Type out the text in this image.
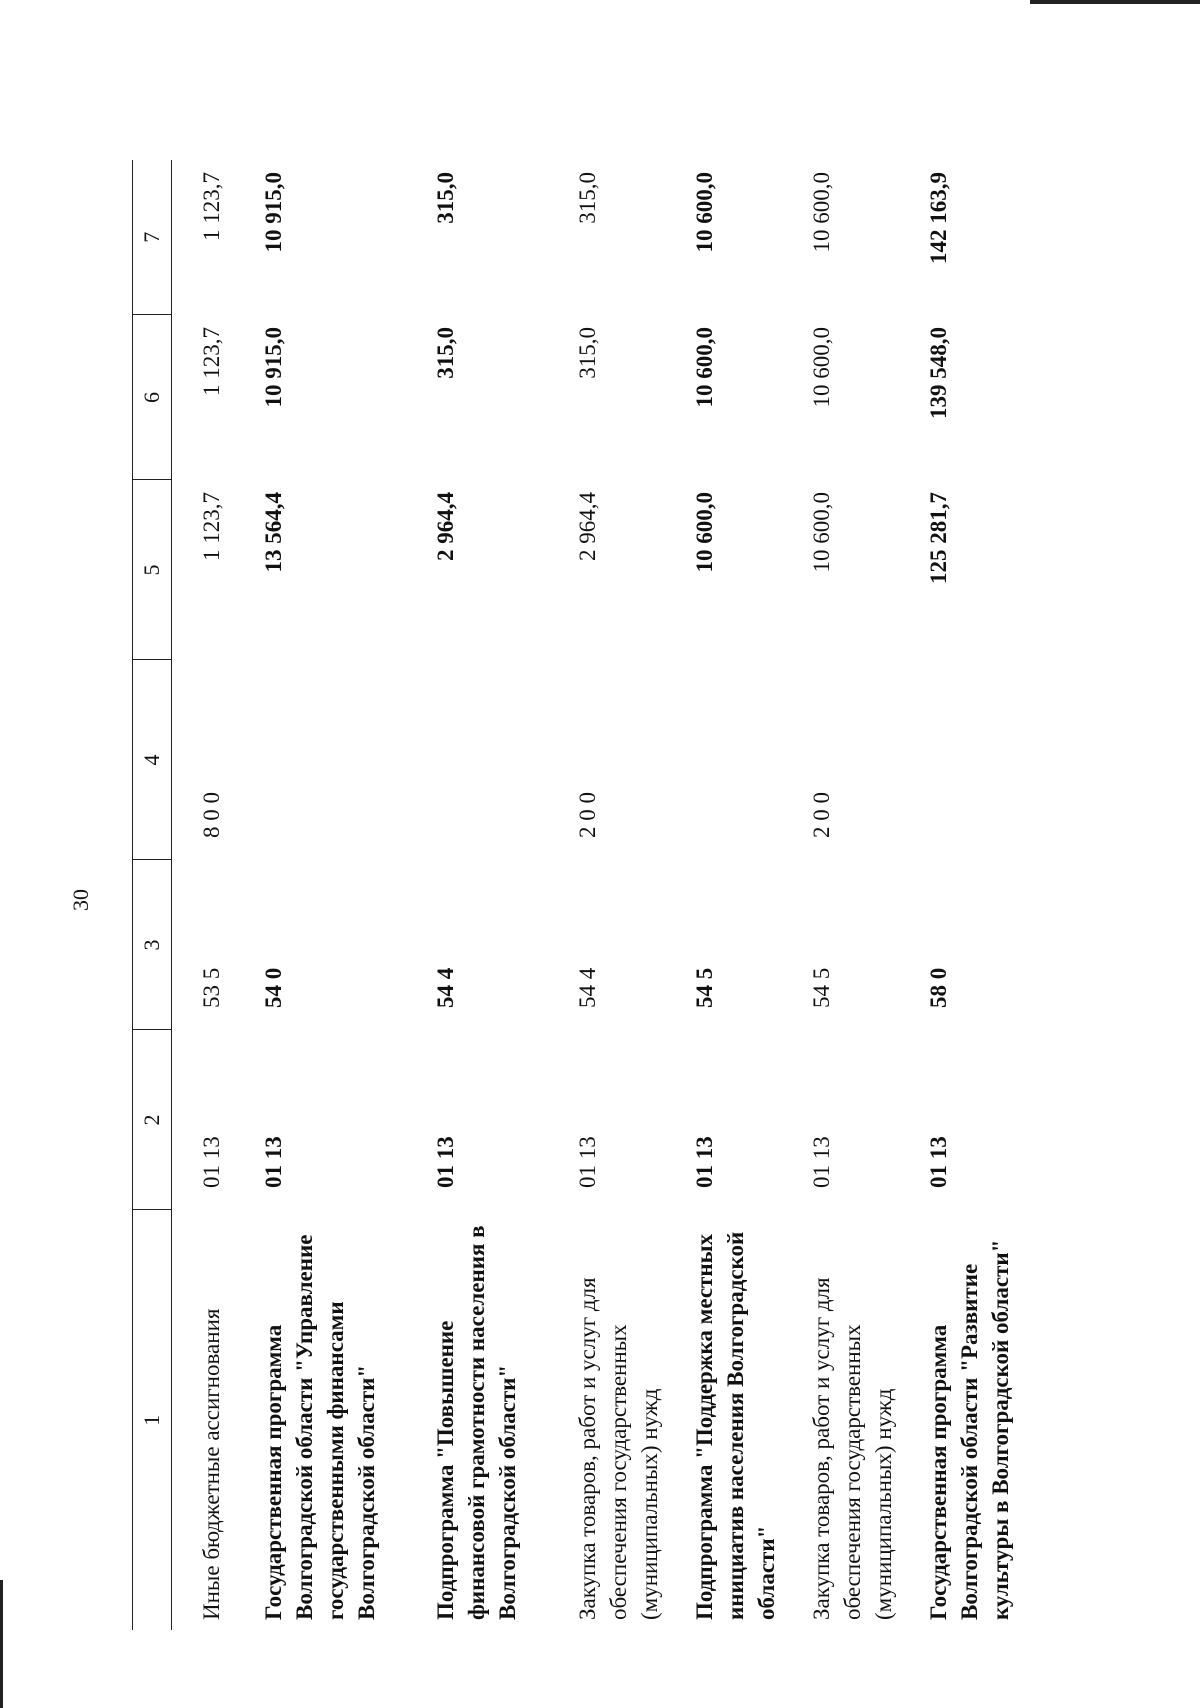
30
1	2	3	4	5	6	7
Иные бюджетные ассигнования	01 13	53 5	8 0 0	1 123,7	1 123,7	1 123,7
Государственная программа Волгоградской области "Управление государственными финансами Волгоградской области"	01 13	54 0		13 564,4	10 915,0	10 915,0
Подпрограмма "Повышение финансовой грамотности населения в Волгоградской области"	01 13	54 4		2 964,4	315,0	315,0
Закупка товаров, работ и услуг для обеспечения государственных (муниципальных) нужд	01 13	54 4	2 0 0	2 964,4	315,0	315,0
Подпрограмма "Поддержка местных инициатив населения Волгоградской области"	01 13	54 5		10 600,0	10 600,0	10 600,0
Закупка товаров, работ и услуг для обеспечения государственных (муниципальных) нужд	01 13	54 5	2 0 0	10 600,0	10 600,0	10 600,0
Государственная программа Волгоградской области "Развитие культуры в Волгоградской области"	01 13	58 0		125 281,7	139 548,0	142 163,9
